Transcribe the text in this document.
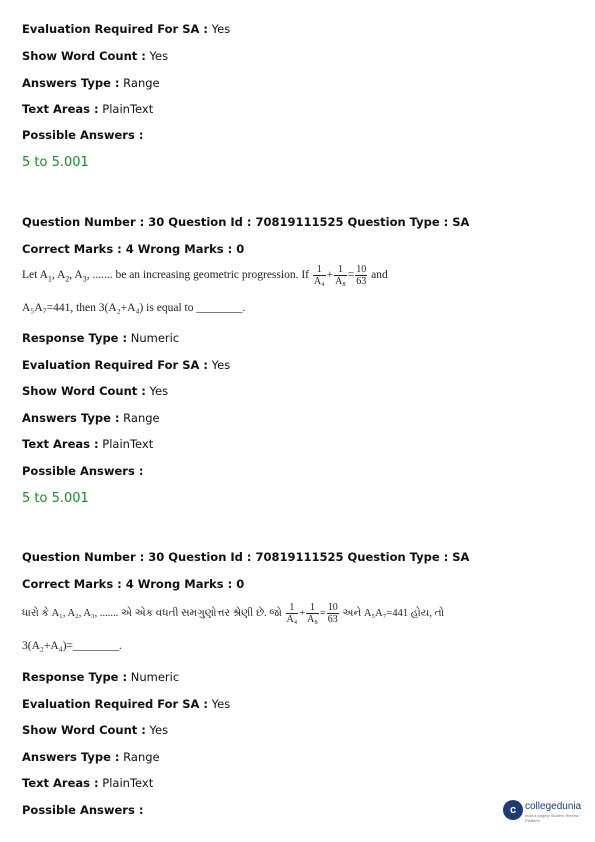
Evaluation Required For SA : Yes
Show Word Count : Yes
Answers Type : Range
Text Areas : PlainText
Possible Answers :
5 to 5.001
Question Number : 30 Question Id : 70819111525 Question Type : SA
Correct Marks : 4 Wrong Marks : 0
Let $A_1$, $A_2$, $A_3$, ....... be an increasing geometric progression. If $\frac{1}{\text{A₄}} + \frac{1}{\text{A₈}} = \frac{10}{63}$ and
A₅A₇=441, then 3(A₂+A₄) is equal to ________.
Response Type : Numeric
Evaluation Required For SA : Yes
Show Word Count : Yes
Answers Type : Range
Text Areas : PlainText
Possible Answers :
5 to 5.001
Question Number : 30 Question Id : 70819111525 Question Type : SA
Correct Marks : 4 Wrong Marks : 0
ધારો કે A₁, A₂, A₃, ....... એ એક વધતી સમગુણોત્તર શ્રેણી છે. જો $\frac{1}{\text{A₄}} + \frac{1}{\text{A₈}} = \frac{10}{63}$ અને A₅A₇=441 હોય, તો
3(A₂+A₄)=________.
Response Type : Numeric
Evaluation Required For SA : Yes
Show Word Count : Yes
Answers Type : Range
Text Areas : PlainText
Possible Answers :	c collegedunia
India's largest Student Review Platform
